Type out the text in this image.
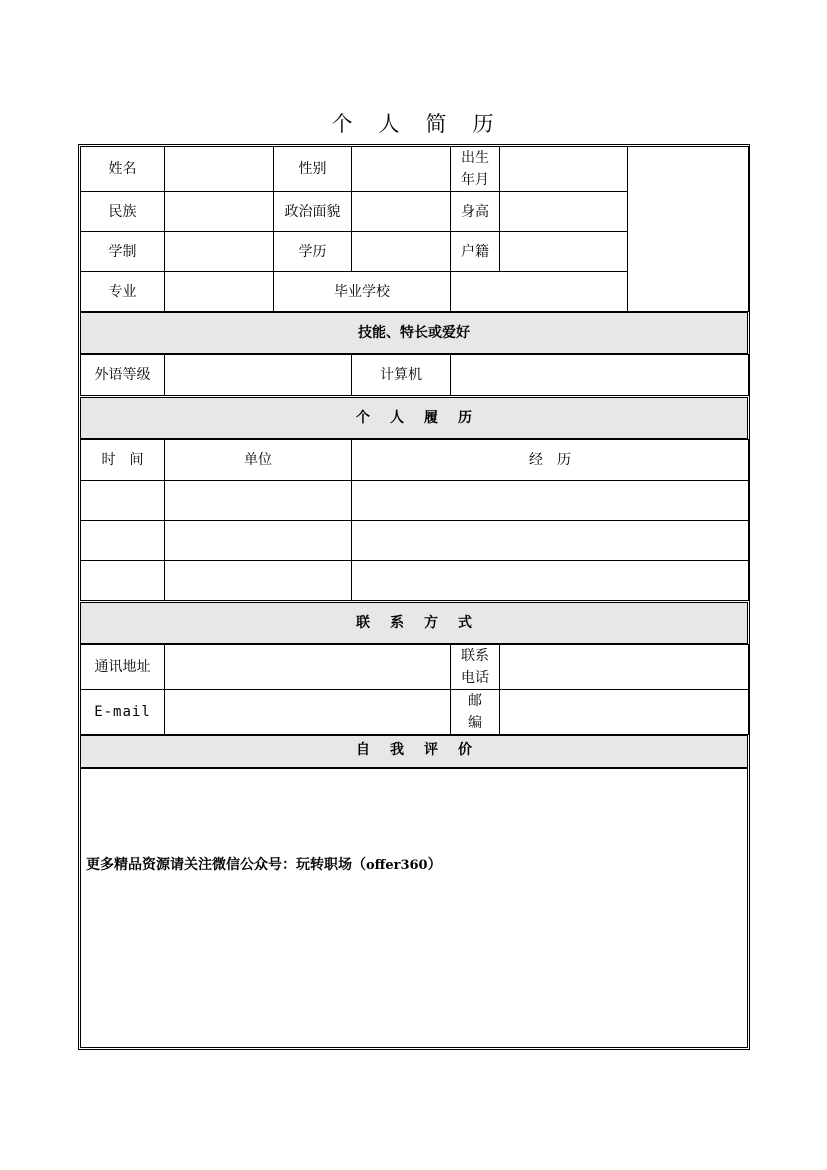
个 人 简 历
姓名		性别		出生
年月		
民族		政治面貌		身高		
学制		学历		户籍		
专业		毕业学校				
技能、特长或爱好
外语等级		计算机	
个 人 履 历
时　间	单位	经　历

联 系 方 式
通讯地址		联系
电话	
E-mail		邮
编	
自 我 评 价
更多精品资源请关注微信公众号：玩转职场（offer360）
